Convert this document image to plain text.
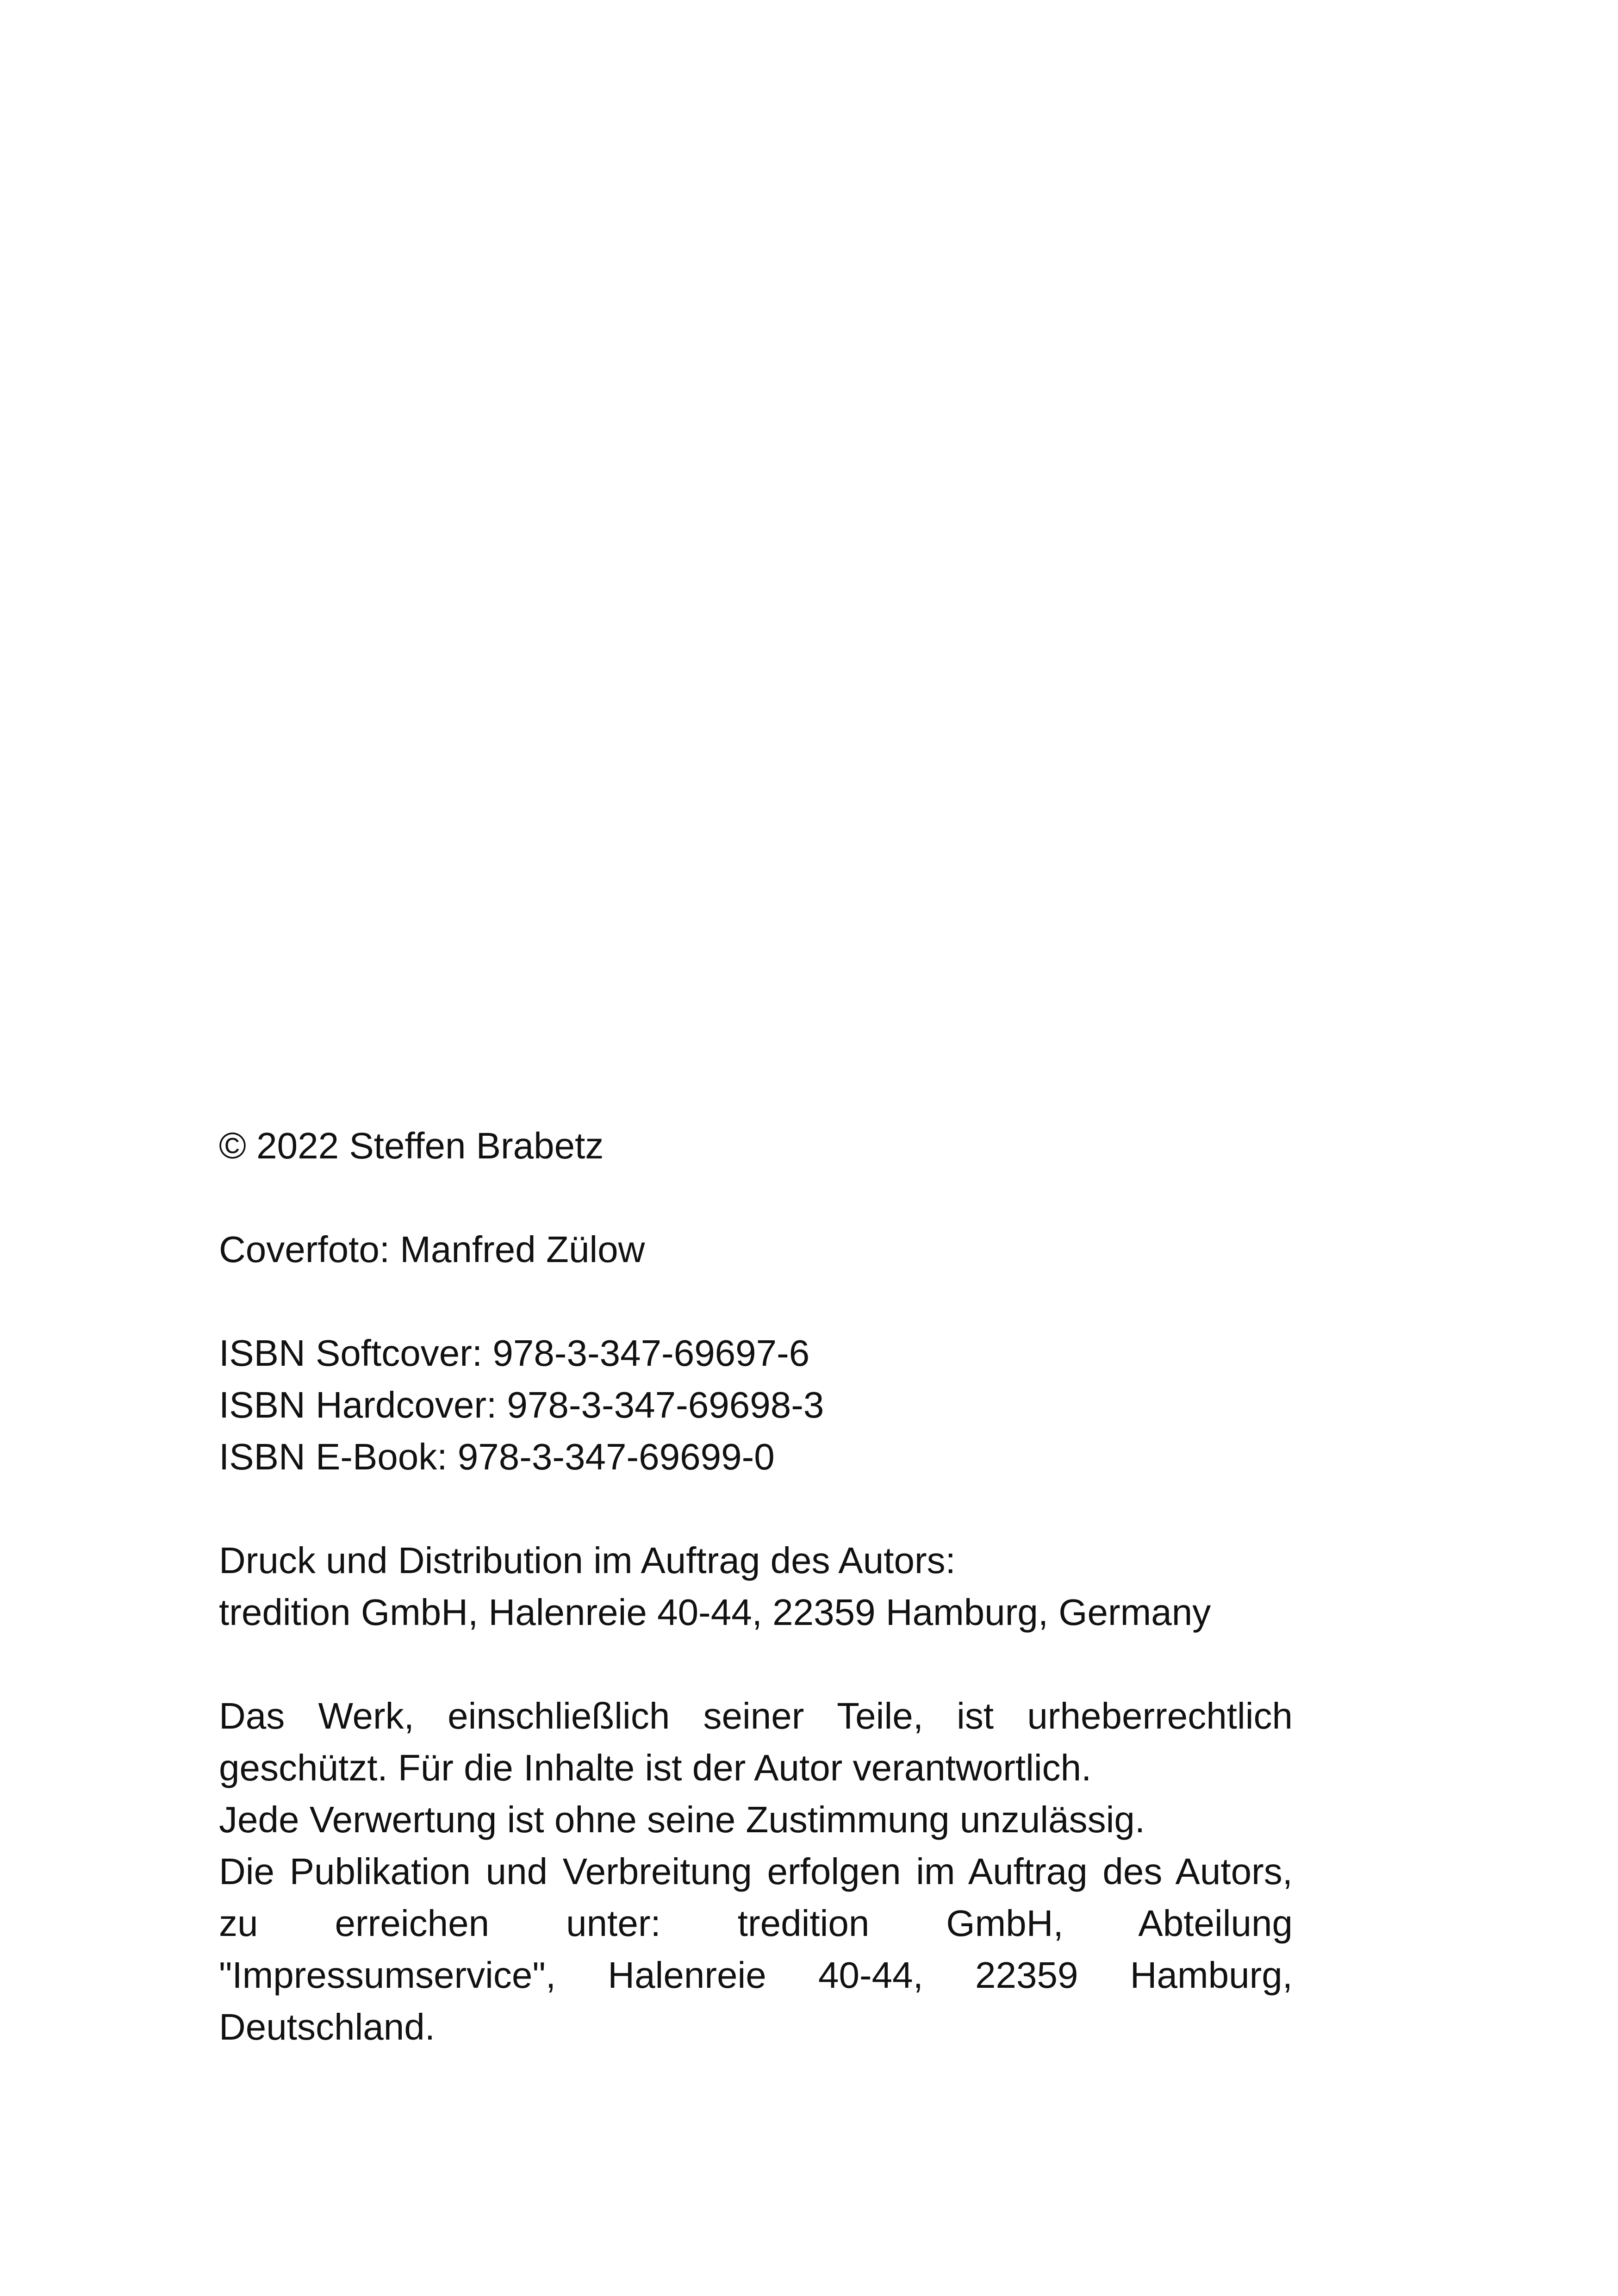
© 2022 Steffen Brabetz
Coverfoto: Manfred Zülow
ISBN Softcover: 978-3-347-69697-6
ISBN Hardcover: 978-3-347-69698-3
ISBN E-Book: 978-3-347-69699-0
Druck und Distribution im Auftrag des Autors:
tredition GmbH, Halenreie 40-44, 22359 Hamburg, Germany
Das Werk, einschließlich seiner Teile, ist urheberrechtlich geschützt. Für die Inhalte ist der Autor verantwortlich.
Jede Verwertung ist ohne seine Zustimmung unzulässig.
Die Publikation und Verbreitung erfolgen im Auftrag des Autors, zu erreichen unter: tredition GmbH, Abteilung "Impressumservice", Halenreie 40-44, 22359 Hamburg, Deutschland.
